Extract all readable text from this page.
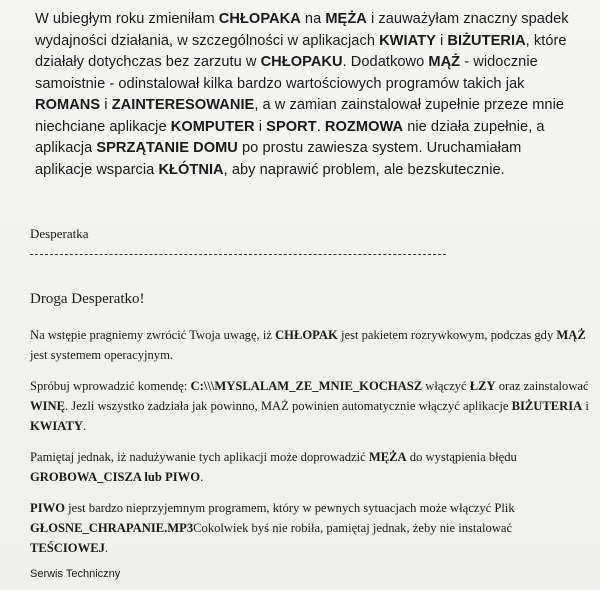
W ubiegłym roku zmieniłam CHŁOPAKA na MĘŻA i zauważyłam znaczny spadek wydajności działania, w szczególności w aplikacjach KWIATY i BIŻUTERIA, które działały dotychczas bez zarzutu w CHŁOPAKU. Dodatkowo MĄŻ - widocznie samoistnie - odinstalował kilka bardzo wartościowych programów takich jak ROMANS i ZAINTERESOWANIE, a w zamian zainstalował zupełnie przeze mnie niechciane aplikacje KOMPUTER i SPORT. ROZMOWA nie działa zupełnie, a aplikacja SPRZĄTANIE DOMU po prostu zawiesza system. Uruchamiałam aplikacje wsparcia KŁÓTNIA, aby naprawić problem, ale bezskutecznie.

Desperatka

Droga Desperatko!

Na wstępie pragniemy zwrócić Twoja uwagę, iż CHŁOPAK jest pakietem rozrywkowym, podczas gdy MĄŻ jest systemem operacyjnym.

Spróbuj wprowadzić komendę: C:\\\MYSLALAM_ZE_MNIE_KOCHASZ włączyć ŁZY oraz zainstalować WINĘ. Jezli wszystko zadziała jak powinno, MAŻ powinien automatycznie włączyć aplikacje BIŻUTERIA i KWIATY.

Pamiętaj jednak, iż nadużywanie tych aplikacji może doprowadzić MĘŻA do wystąpienia błędu GROBOWA_CISZA lub PIWO.

PIWO jest bardzo nieprzyjemnym programem, który w pewnych sytuacjach może włączyć Plik GŁOSNE_CHRAPANIE.MP3Cokolwiek byś nie robiła, pamiętaj jednak, żeby nie instalować TEŚCIOWEJ.

Serwis Techniczny
